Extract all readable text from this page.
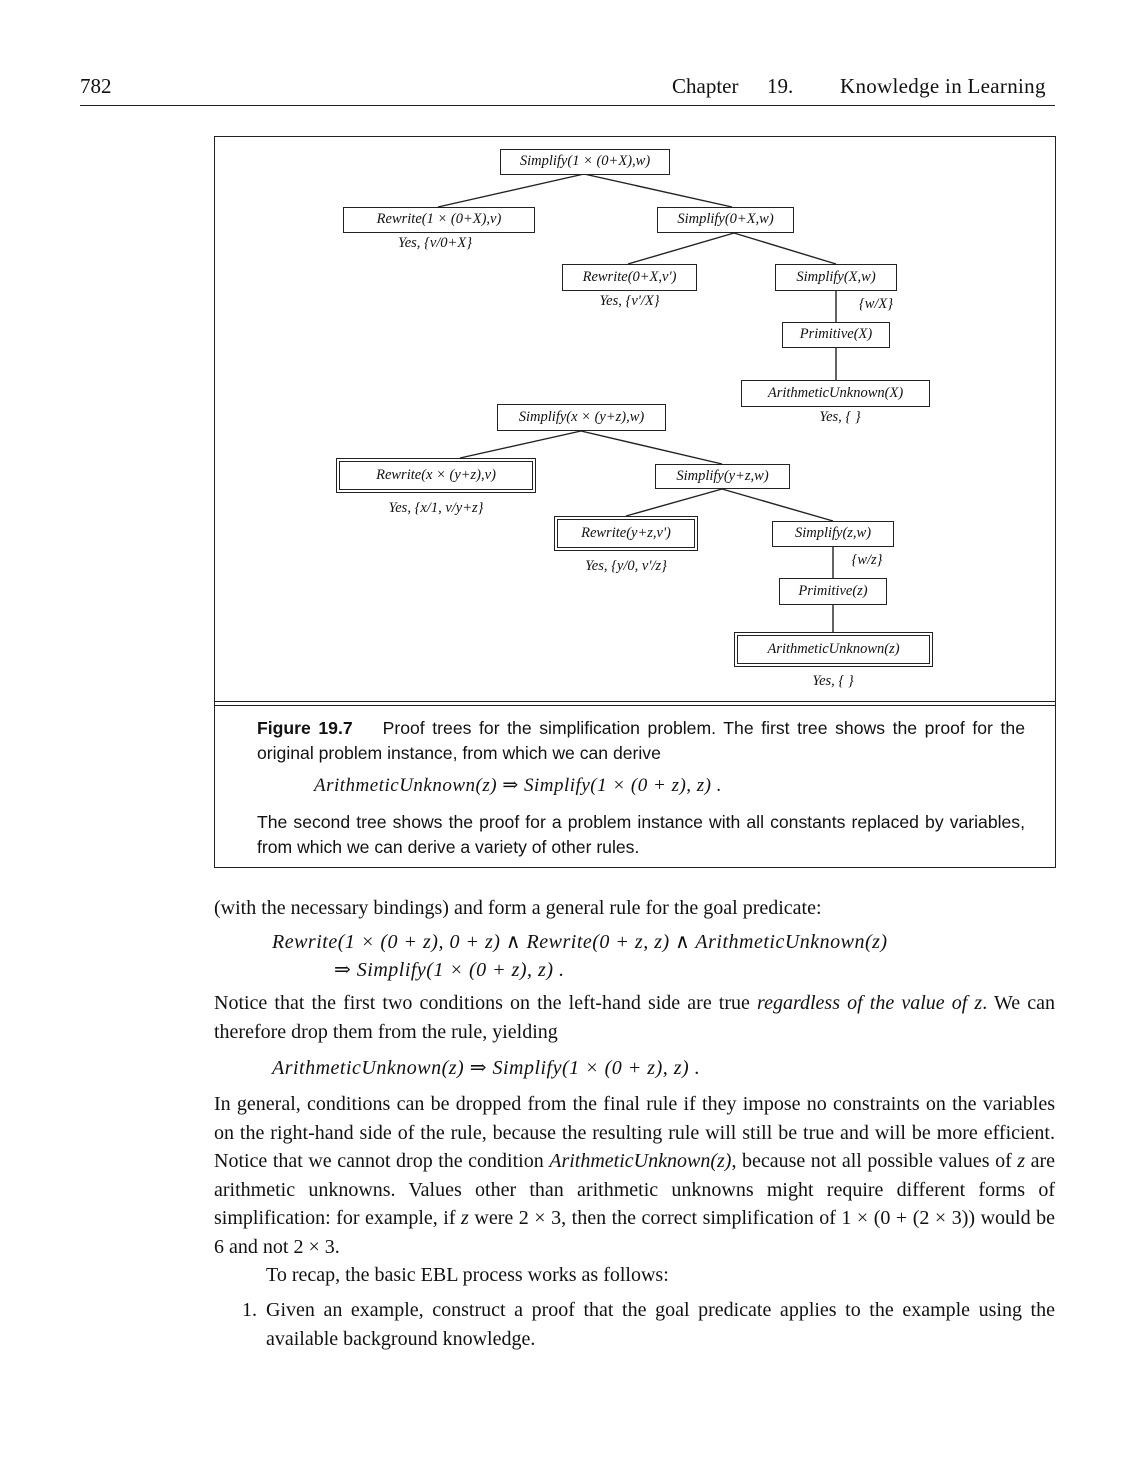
782	Chapter 19. Knowledge in Learning
Simplify(1 × (0+X),w)
Rewrite(1 × (0+X),v)
Yes, {v/0+X}
Simplify(0+X,w)
Rewrite(0+X,v')
Yes, {v'/X}
Simplify(X,w)
{w/X}
Primitive(X)
ArithmeticUnknown(X)
Yes, { }
Simplify(x × (y+z),w)
Rewrite(x × (y+z),v)
Yes, {x/1, v/y+z}
Simplify(y+z,w)
Rewrite(y+z,v')
Yes, {y/0, v'/z}
Simplify(z,w)
{w/z}
Primitive(z)
ArithmeticUnknown(z)
Yes, { }
Figure 19.7 Proof trees for the simplification problem. The first tree shows the proof for the original problem instance, from which we can derive
ArithmeticUnknown(z) ⇒ Simplify(1 × (0 + z), z) .
The second tree shows the proof for a problem instance with all constants replaced by variables, from which we can derive a variety of other rules.
(with the necessary bindings) and form a general rule for the goal predicate:
Rewrite(1 × (0 + z), 0 + z) ∧ Rewrite(0 + z, z) ∧ ArithmeticUnknown(z)
⇒ Simplify(1 × (0 + z), z) .
Notice that the first two conditions on the left-hand side are true regardless of the value of z. We can therefore drop them from the rule, yielding
ArithmeticUnknown(z) ⇒ Simplify(1 × (0 + z), z) .
In general, conditions can be dropped from the final rule if they impose no constraints on the variables on the right-hand side of the rule, because the resulting rule will still be true and will be more efficient. Notice that we cannot drop the condition ArithmeticUnknown(z), because not all possible values of z are arithmetic unknowns. Values other than arithmetic unknowns might require different forms of simplification: for example, if z were 2 × 3, then the correct simplification of 1 × (0 + (2 × 3)) would be 6 and not 2 × 3.
To recap, the basic EBL process works as follows:
1. Given an example, construct a proof that the goal predicate applies to the example using the available background knowledge.
